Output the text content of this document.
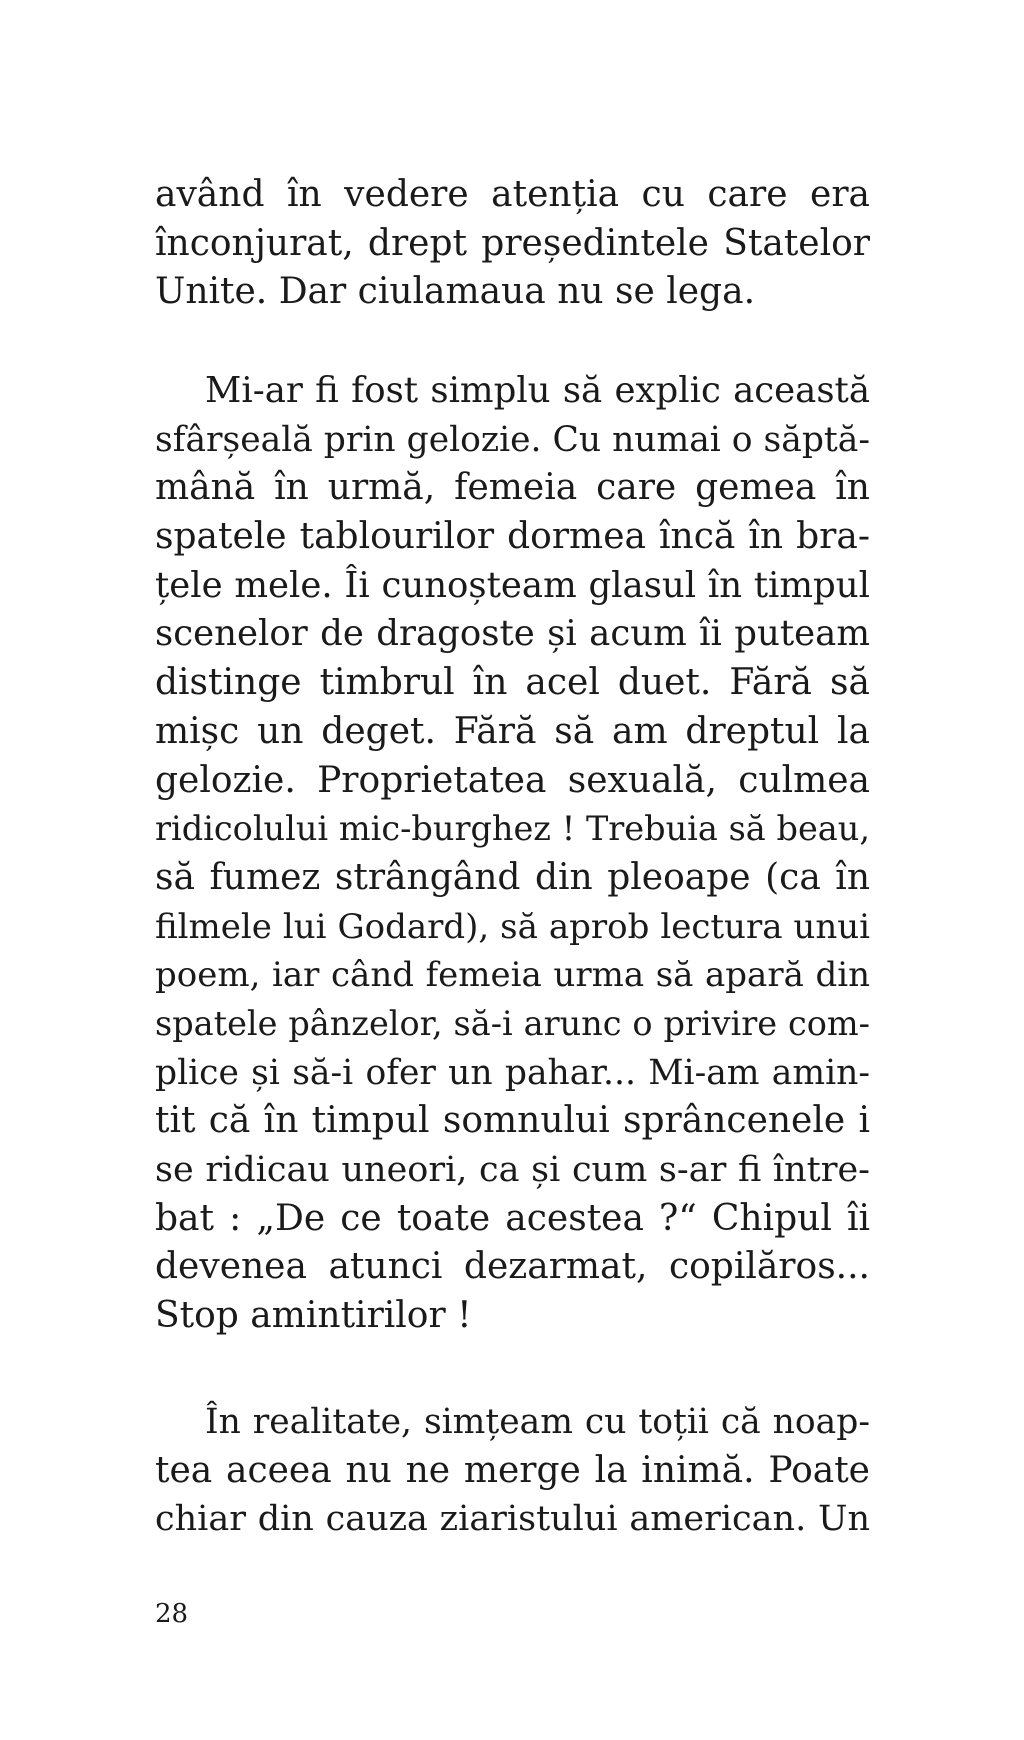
având în vedere atenția cu care era
înconjurat, drept președintele Statelor
Unite. Dar ciulamaua nu se lega.
Mi-ar fi fost simplu să explic această
sfârșeală prin gelozie. Cu numai o săptă-
mână în urmă, femeia care gemea în
spatele tablourilor dormea încă în bra-
țele mele. Îi cunoșteam glasul în timpul
scenelor de dragoste și acum îi puteam
distinge timbrul în acel duet. Fără să
mișc un deget. Fără să am dreptul la
gelozie. Proprietatea sexuală, culmea
ridicolului mic-burghez ! Trebuia să beau,
să fumez strângând din pleoape (ca în
filmele lui Godard), să aprob lectura unui
poem, iar când femeia urma să apară din
spatele pânzelor, să-i arunc o privire com-
plice și să-i ofer un pahar... Mi-am amin-
tit că în timpul somnului sprâncenele i
se ridicau uneori, ca și cum s-ar fi între-
bat : „De ce toate acestea ?“ Chipul îi
devenea atunci dezarmat, copilăros...
Stop amintirilor !
În realitate, simțeam cu toții că noap-
tea aceea nu ne merge la inimă. Poate
chiar din cauza ziaristului american. Un
28
